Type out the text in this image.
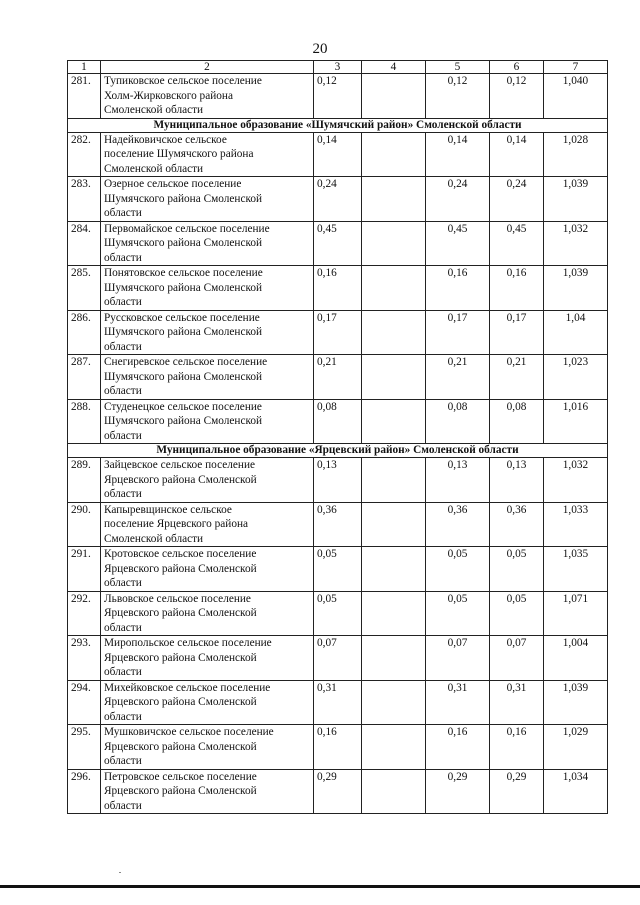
20
1	2	3	4	5	6	7
281.	Тупиковское сельское поселение
Холм-Жирковского района
Смоленской области	0,12		0,12	0,12	1,040
Муниципальное образование «Шумячский район» Смоленской области						
282.	Надейковичское сельское
поселение Шумячского района
Смоленской области	0,14		0,14	0,14	1,028
283.	Озерное сельское поселение
Шумячского района Смоленской
области	0,24		0,24	0,24	1,039
284.	Первомайское сельское поселение
Шумячского района Смоленской
области	0,45		0,45	0,45	1,032
285.	Понятовское сельское поселение
Шумячского района Смоленской
области	0,16		0,16	0,16	1,039
286.	Руссковское сельское поселение
Шумячского района Смоленской
области	0,17		0,17	0,17	1,04
287.	Снегиревское сельское поселение
Шумячского района Смоленской
области	0,21		0,21	0,21	1,023
288.	Студенецкое сельское поселение
Шумячского района Смоленской
области	0,08		0,08	0,08	1,016
Муниципальное образование «Ярцевский район» Смоленской области						
289.	Зайцевское сельское поселение
Ярцевского района Смоленской
области	0,13		0,13	0,13	1,032
290.	Капыревщинское сельское
поселение Ярцевского района
Смоленской области	0,36		0,36	0,36	1,033
291.	Кротовское сельское поселение
Ярцевского района Смоленской
области	0,05		0,05	0,05	1,035
292.	Львовское сельское поселение
Ярцевского района Смоленской
области	0,05		0,05	0,05	1,071
293.	Миропольское сельское поселение
Ярцевского района Смоленской
области	0,07		0,07	0,07	1,004
294.	Михейковское сельское поселение
Ярцевского района Смоленской
области	0,31		0,31	0,31	1,039
295.	Мушковичское сельское поселение
Ярцевского района Смоленской
области	0,16		0,16	0,16	1,029
296.	Петровское сельское поселение
Ярцевского района Смоленской
области	0,29		0,29	0,29	1,034
